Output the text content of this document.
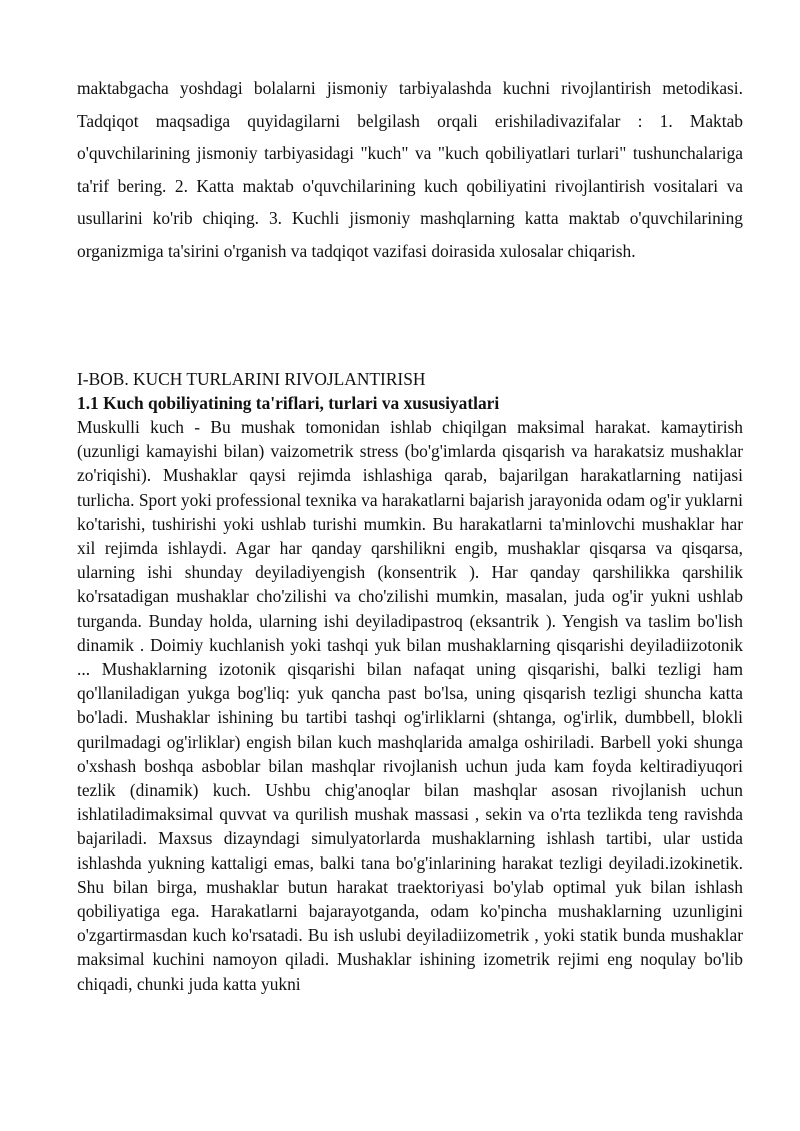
maktabgacha yoshdagi bolalarni jismoniy tarbiyalashda kuchni rivojlantirish metodikasi. Tadqiqot maqsadiga quyidagilarni belgilash orqali erishiladivazifalar : 1. Maktab o'quvchilarining jismoniy tarbiyasidagi "kuch" va "kuch qobiliyatlari turlari" tushunchalariga ta'rif bering. 2. Katta maktab o'quvchilarining kuch qobiliyatini rivojlantirish vositalari va usullarini ko'rib chiqing. 3. Kuchli jismoniy mashqlarning katta maktab o'quvchilarining organizmiga ta'sirini o'rganish va tadqiqot vazifasi doirasida xulosalar chiqarish.

I-BOB. KUCH TURLARINI RIVOJLANTIRISH

1.1 Kuch qobiliyatining ta'riflari, turlari va xususiyatlari

Muskulli kuch - Bu mushak tomonidan ishlab chiqilgan maksimal harakat. kamaytirish (uzunligi kamayishi bilan) vaizometrik stress (bo'g'imlarda qisqarish va harakatsiz mushaklar zo'riqishi). Mushaklar qaysi rejimda ishlashiga qarab, bajarilgan harakatlarning natijasi turlicha. Sport yoki professional texnika va harakatlarni bajarish jarayonida odam og'ir yuklarni ko'tarishi, tushirishi yoki ushlab turishi mumkin. Bu harakatlarni ta'minlovchi mushaklar har xil rejimda ishlaydi. Agar har qanday qarshilikni engib, mushaklar qisqarsa va qisqarsa, ularning ishi shunday deyiladiyengish (konsentrik ). Har qanday qarshilikka qarshilik ko'rsatadigan mushaklar cho'zilishi va cho'zilishi mumkin, masalan, juda og'ir yukni ushlab turganda. Bunday holda, ularning ishi deyiladipastroq (eksantrik ). Yengish va taslim bo'lish dinamik . Doimiy kuchlanish yoki tashqi yuk bilan mushaklarning qisqarishi deyiladiizotonik ... Mushaklarning izotonik qisqarishi bilan nafaqat uning qisqarishi, balki tezligi ham qo'llaniladigan yukga bog'liq: yuk qancha past bo'lsa, uning qisqarish tezligi shuncha katta bo'ladi. Mushaklar ishining bu tartibi tashqi og'irliklarni (shtanga, og'irlik, dumbbell, blokli qurilmadagi og'irliklar) engish bilan kuch mashqlarida amalga oshiriladi. Barbell yoki shunga o'xshash boshqa asboblar bilan mashqlar rivojlanish uchun juda kam foyda keltiradiyuqori tezlik (dinamik) kuch. Ushbu chig'anoqlar bilan mashqlar asosan rivojlanish uchun ishlatiladimaksimal quvvat va qurilish mushak massasi , sekin va o'rta tezlikda teng ravishda bajariladi. Maxsus dizayndagi simulyatorlarda mushaklarning ishlash tartibi, ular ustida ishlashda yukning kattaligi emas, balki tana bo'g'inlarining harakat tezligi deyiladi.izokinetik. Shu bilan birga, mushaklar butun harakat traektoriyasi bo'ylab optimal yuk bilan ishlash qobiliyatiga ega. Harakatlarni bajarayotganda, odam ko'pincha mushaklarning uzunligini o'zgartirmasdan kuch ko'rsatadi. Bu ish uslubi deyiladiizometrik , yoki statik bunda mushaklar maksimal kuchini namoyon qiladi. Mushaklar ishining izometrik rejimi eng noqulay bo'lib chiqadi, chunki juda katta yukni
